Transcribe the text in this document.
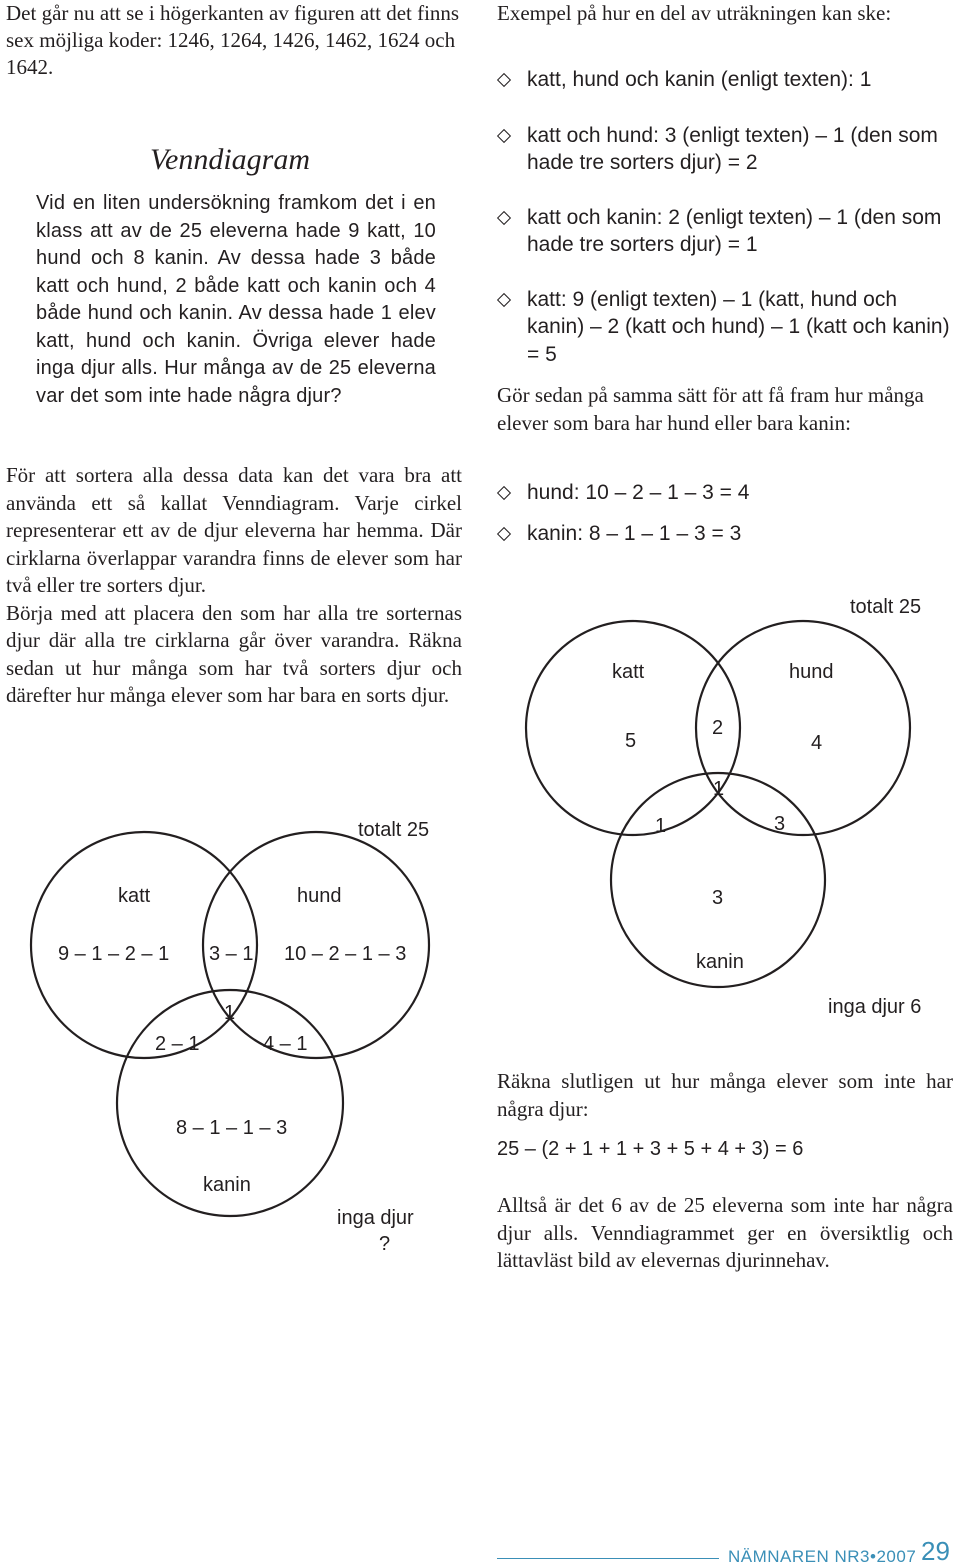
Det går nu att se i högerkanten av figuren att det finns sex möjliga koder: 1246, 1264, 1426, 1462, 1624 och 1642.

Venndiagram

Vid en liten undersökning framkom det i en klass att av de 25 eleverna hade 9 katt, 10 hund och 8 kanin. Av dessa hade 3 både katt och hund, 2 både katt och kanin och 4 både hund och kanin. Av dessa hade 1 elev katt, hund och kanin. Övriga elever hade inga djur alls. Hur många av de 25 eleverna var det som inte hade några djur?

För att sortera alla dessa data kan det vara bra att använda ett så kallat Venndiagram. Varje cirkel representerar ett av de djur eleverna har hemma. Där cirklarna överlappar varandra finns de elever som har två eller tre sorters djur.

Börja med att placera den som har alla tre sorternas djur där alla tre cirklarna går över varandra. Räkna sedan ut hur många som har två sorters djur och därefter hur många elever som har bara en sorts djur.

Exempel på hur en del av uträkningen kan ske:

katt, hund och kanin (enligt texten): 1
katt och hund: 3 (enligt texten) – 1 (den som hade tre sorters djur) = 2
katt och kanin: 2 (enligt texten) – 1 (den som hade tre sorters djur) = 1
katt: 9 (enligt texten) – 1 (katt, hund och kanin) – 2 (katt och hund) – 1 (katt och kanin) = 5

Gör sedan på samma sätt för att få fram hur många elever som bara har hund eller bara kanin:

hund: 10 – 2 – 1 – 3 = 4
kanin: 8 – 1 – 1 – 3 = 3
totalt 25
katt	hund
5
2
4
1
1	3
3
kanin
inga djur 6

Räkna slutligen ut hur många elever som inte har några djur:

25 – (2 + 1 + 1 + 3 + 5 + 4 + 3) = 6

Alltså är det 6 av de 25 eleverna som inte har några djur alls. Venndiagrammet ger en översiktlig och lättavläst bild av elevernas djurinnehav.

totalt 25
katt	hund
9 – 1 – 2 – 1 3 – 1 10 – 2 – 1 – 3
1
2 – 1	4 – 1
8 – 1 – 1 – 3
kanin
inga djur
?
NÄMNAREN NR3•2007 29
